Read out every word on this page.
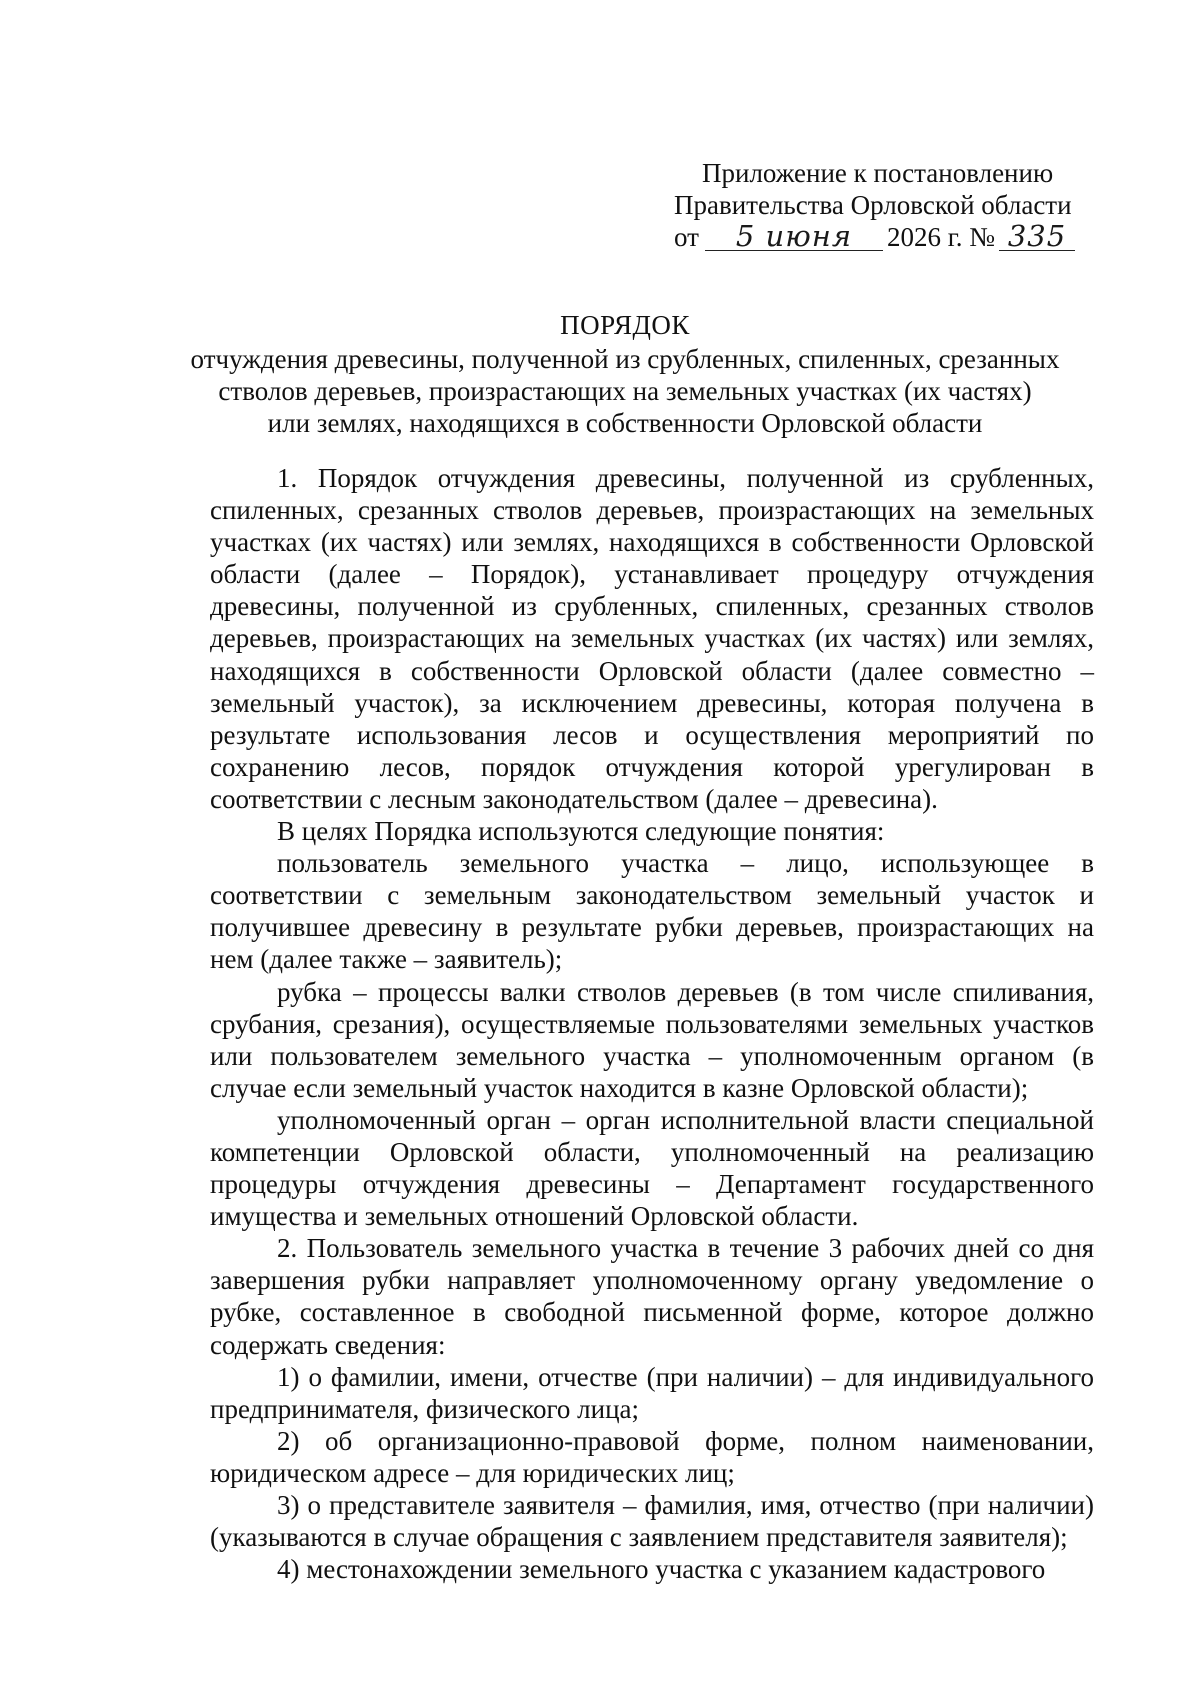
Приложение к постановлению
Правительства Орловской области
от 5 июня 2026 г. № 335
ПОРЯДОК
отчуждения древесины, полученной из срубленных, спиленных, срезанных
стволов деревьев, произрастающих на земельных участках (их частях)
или землях, находящихся в собственности Орловской области

1. Порядок отчуждения древесины, полученной из срубленных, спиленных, срезанных стволов деревьев, произрастающих на земельных участках (их частях) или землях, находящихся в собственности Орловской области (далее – Порядок), устанавливает процедуру отчуждения древесины, полученной из срубленных, спиленных, срезанных стволов деревьев, произрастающих на земельных участках (их частях) или землях, находящихся в собственности Орловской области (далее совместно – земельный участок), за исключением древесины, которая получена в результате использования лесов и осуществления мероприятий по сохранению лесов, порядок отчуждения которой урегулирован в соответствии с лесным законодательством (далее – древесина).

В целях Порядка используются следующие понятия:

пользователь земельного участка – лицо, использующее в соответствии с земельным законодательством земельный участок и получившее древесину в результате рубки деревьев, произрастающих на нем (далее также – заявитель);

рубка – процессы валки стволов деревьев (в том числе спиливания, срубания, срезания), осуществляемые пользователями земельных участков или пользователем земельного участка – уполномоченным органом (в случае если земельный участок находится в казне Орловской области);

уполномоченный орган – орган исполнительной власти специальной компетенции Орловской области, уполномоченный на реализацию процедуры отчуждения древесины – Департамент государственного имущества и земельных отношений Орловской области.

2. Пользователь земельного участка в течение 3 рабочих дней со дня завершения рубки направляет уполномоченному органу уведомление о рубке, составленное в свободной письменной форме, которое должно содержать сведения:

1) о фамилии, имени, отчестве (при наличии) – для индивидуального предпринимателя, физического лица;

2) об организационно-правовой форме, полном наименовании, юридическом адресе – для юридических лиц;

3) о представителе заявителя – фамилия, имя, отчество (при наличии) (указываются в случае обращения с заявлением представителя заявителя);

4) местонахождении земельного участка с указанием кадастрового
